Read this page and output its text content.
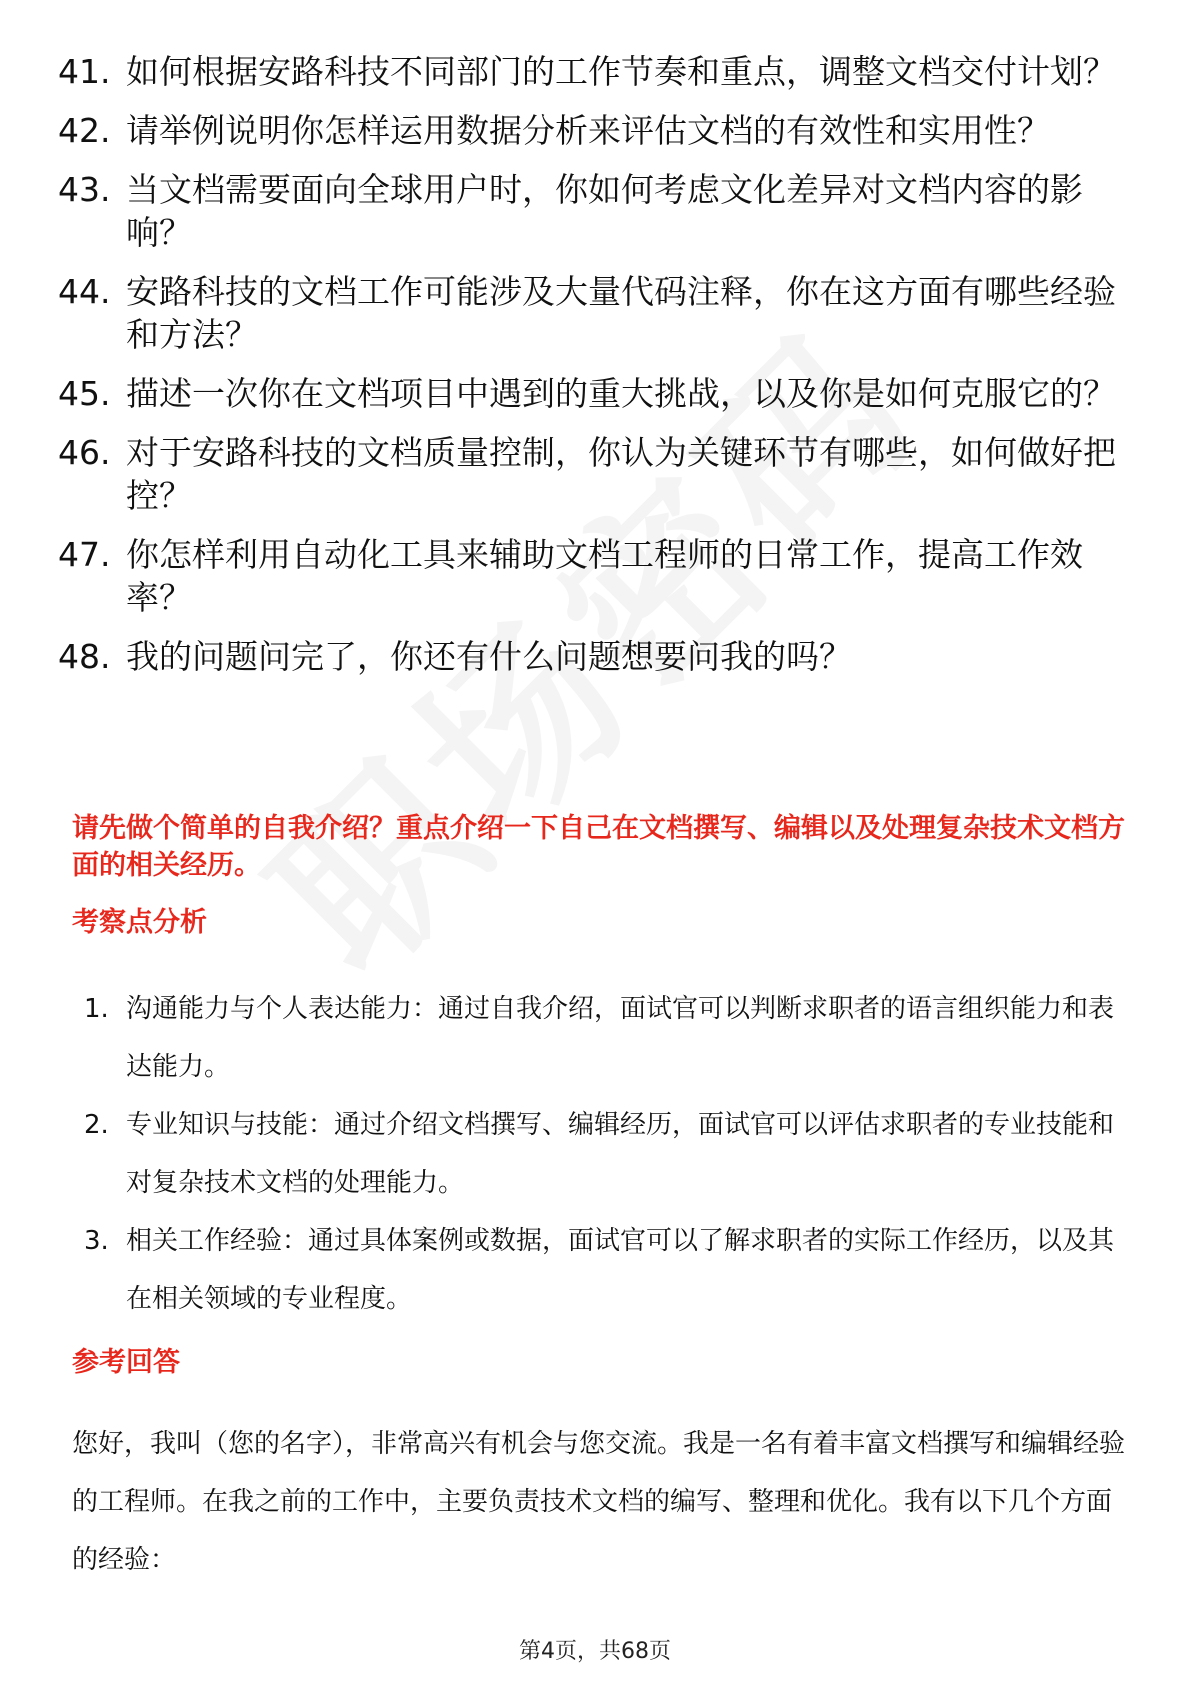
41. 如何根据安路科技不同部门的工作节奏和重点，调整文档交付计划？
42. 请举例说明你怎样运用数据分析来评估文档的有效性和实用性？
43. 当文档需要面向全球用户时，你如何考虑文化差异对文档内容的影响？
44. 安路科技的文档工作可能涉及大量代码注释，你在这方面有哪些经验和方法？
45. 描述一次你在文档项目中遇到的重大挑战，以及你是如何克服它的？
46. 对于安路科技的文档质量控制，你认为关键环节有哪些，如何做好把控？
47. 你怎样利用自动化工具来辅助文档工程师的日常工作，提高工作效率？
48. 我的问题问完了，你还有什么问题想要问我的吗？
请先做个简单的自我介绍？重点介绍一下自己在文档撰写、编辑以及处理复杂技术文档方面的相关经历。
考察点分析
1. 沟通能力与个人表达能力：通过自我介绍，面试官可以判断求职者的语言组织能力和表达能力。
2. 专业知识与技能：通过介绍文档撰写、编辑经历，面试官可以评估求职者的专业技能和对复杂技术文档的处理能力。
3. 相关工作经验：通过具体案例或数据，面试官可以了解求职者的实际工作经历，以及其在相关领域的专业程度。
参考回答
您好，我叫（您的名字），非常高兴有机会与您交流。我是一名有着丰富文档撰写和编辑经验的工程师。在我之前的工作中，主要负责技术文档的编写、整理和优化。我有以下几个方面的经验：
第4页，共68页
